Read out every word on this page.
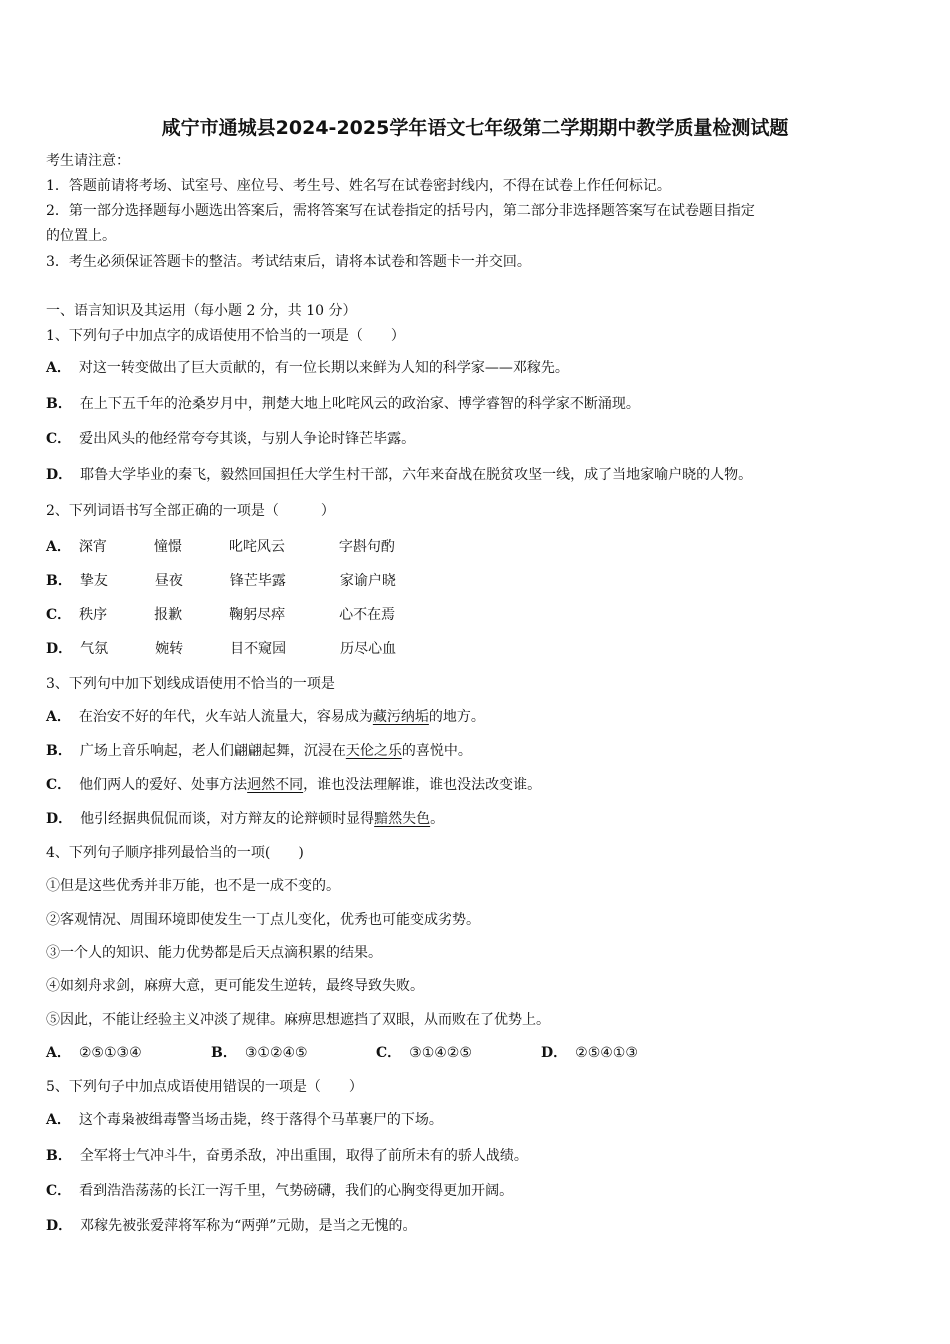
咸宁市通城县2024-2025学年语文七年级第二学期期中教学质量检测试题
考生请注意：
1．答题前请将考场、试室号、座位号、考生号、姓名写在试卷密封线内，不得在试卷上作任何标记。
2．第一部分选择题每小题选出答案后，需将答案写在试卷指定的括号内，第二部分非选择题答案写在试卷题目指定
的位置上。
3．考生必须保证答题卡的整洁。考试结束后，请将本试卷和答题卡一并交回。
一、语言知识及其运用（每小题 2 分，共 10 分）
1、下列句子中加点字的成语使用不恰当的一项是（　　）
A． 对这一转变做出了巨大贡献的，有一位长期以来鲜为人知的科学家——邓稼先。
B． 在上下五千年的沧桑岁月中，荆楚大地上叱咤风云的政治家、博学睿智的科学家不断涌现。
C． 爱出风头的他经常夸夸其谈，与别人争论时锋芒毕露。
D． 耶鲁大学毕业的秦飞，毅然回国担任大学生村干部，六年来奋战在脱贫攻坚一线，成了当地家喻户晓的人物。
2、下列词语书写全部正确的一项是（　　　）
A． 深宵	憧憬	叱咤风云	字斟句酌
B． 挚友	昼夜	锋芒毕露	家谕户晓
C． 秩序	报歉	鞠躬尽瘁	心不在焉
D． 气氛	婉转	目不窥园	历尽心血
3、下列句中加下划线成语使用不恰当的一项是
A． 在治安不好的年代，火车站人流量大，容易成为藏污纳垢的地方。
B． 广场上音乐响起，老人们翩翩起舞，沉浸在天伦之乐的喜悦中。
C． 他们两人的爱好、处事方法迥然不同，谁也没法理解谁，谁也没法改变谁。
D． 他引经据典侃侃而谈，对方辩友的论辩顿时显得黯然失色。
4、下列句子顺序排列最恰当的一项(　　)
①但是这些优秀并非万能，也不是一成不变的。
②客观情况、周围环境即使发生一丁点儿变化，优秀也可能变成劣势。
③一个人的知识、能力优势都是后天点滴积累的结果。
④如刻舟求剑，麻痹大意，更可能发生逆转，最终导致失败。
⑤因此，不能让经验主义冲淡了规律。麻痹思想遮挡了双眼，从而败在了优势上。
A． ②⑤①③④	B． ③①②④⑤	C． ③①④②⑤	D． ②⑤④①③
5、下列句子中加点成语使用错误的一项是（　　）
A． 这个毒枭被缉毒警当场击毙，终于落得个马革裹尸的下场。
B． 全军将士气冲斗牛，奋勇杀敌，冲出重围，取得了前所未有的骄人战绩。
C． 看到浩浩荡荡的长江一泻千里，气势磅礴，我们的心胸变得更加开阔。
D． 邓稼先被张爱萍将军称为“两弹”元勋，是当之无愧的。
